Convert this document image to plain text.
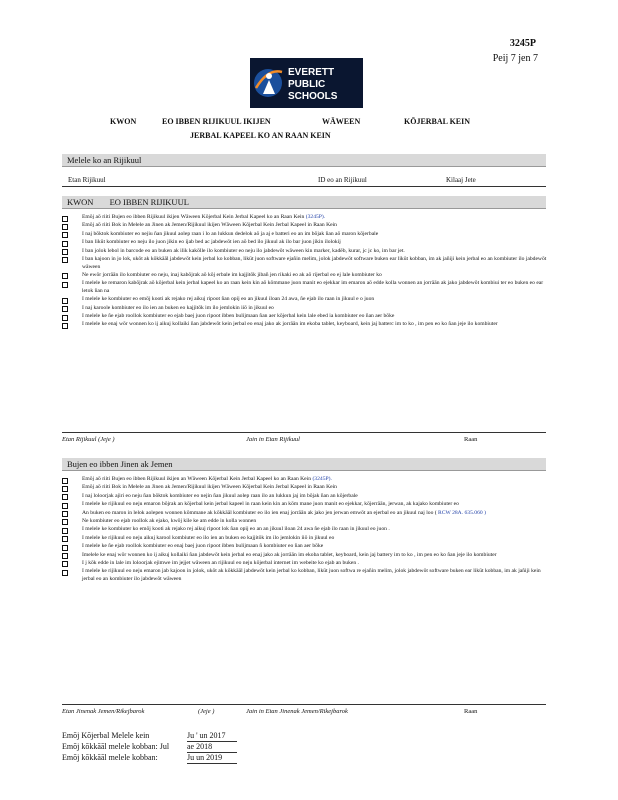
3245P
Peij 7 jen 7
EVERETT
PUBLIC
SCHOOLS
KWON	EO IBBEN RIJIKUUL IKIJEN	WĀWEEN	KŌJERBAL KEIN
JERBAL KAPEEL KO AN RAAN KEIN
Melele ko an Rijikuul
Etan Rijikuul	ID eo an Rijikuul	Kilaaj Jete
KWON EO IBBEN RIJIKUUL
Emōj aō riiti Bujen eo ibben Rijikuul ikijen Wāween Kōjerbal Kein Jerbal Kapeel ko an Raan Kein (3245P).
Emōj aō riiti Bok in Melele an Jinen ak Jemen/Rijikuul ikijen Wāween Kōjerbal Kein Jerbal Kapeel in Raan Kein
I naj bōktok kombiuter eo nejiu ñan jikuul aolep raan i lo an lukkun dedelok aō ja aj e batteri eo an im bōjak ñan aō maron kōjerbale
I ban likūt kombiuter eo neju ilo juon jikin eo ijab bed ac jabdewōt ien aō bed ilo jikuul ak ilo bar juon jikin ilolokij
I ban jolok lebol in barcode eo an buken ak ilik kakōlle ilo kombiuter eo neju ilo jabdewōt wāween kin marker, kadēb, kurar, jc jc ko, im bar jet.
I ban kajoon in jo lok, ukōt ak kōkkāāl jabdewōt kein jerbal ko kobban, likūt juon software ejañin melim, jolok jabdewōt software buken ear likūt kobban, im ak jañiji kein jerbal eo an kombiuter ilo jabdewōt wāween
Ne ewōr jorrāān ilo kombiuter eo neju, inaj kabōjrak aō kōj erbale im kajjitōk jibañ jen rikaki eo ak aō rijerbal eo ej lale kombiuter ko
I melele ke remaron kabōjrak aō kōjerbal kein jerbal kapeel ko an raan kein kin aō kōmmane juon manit eo ejekkar im emaron aō edde kolla wonnen an jorrāān ak jako jabdewōt kombiui ter eo buken eo ear letok ñan na
I melele ke kombiuter eo emōj kooti ak rejako rej aikuj ripoot ñan opij eo an jikuul iloan 24 awa, ñe ejab ilo raan in jikuul e o juon
I naj karoole kombiuter eo ilo ien an buken eo kajjitōk im ilo jemlokin iiō in jikuul eo
I melele ke ñe ejab roollok kombiuter eo ejab baej juon ripoot ibben bulijmaan ñan aer kōjerbal kein lale ebed ia kombiuter eo ñan aer bōke
I melele ke enaj wōr wonnen ko ij aikuj kollaiki ñan jabdewōt kein jerbal eo enaj jako ak jorrāān im ekoba tablet, keyboard, kein jaj batterc im to ko , im pen eo ko ñan jeje ilo kombiuter
Etan Rijikuul (Jeje )	Jain in Etan Rijikuul	Raan
Bujen eo ibben Jinen ak Jemen
Emōj aō riiti Bujen eo ibben Rijikuul ikijen an Wāween Kōjerbal Kein Jerbal Kapeel ko an Raan Kein (3245P).
Emōj aō riiti Bok in Melele an Jinen ak Jemen/Rijikuul ikijen Wāween Kōjerbal Kein Jerbal Kapeel in Raan Kein
I naj loloorjak ajiri eo neju ñan bōktok kombiuter eo nejin ñan jikuul aolep raan ilo an lukkun jaj im bōjak ñan an kōjerbale
I melele ke rijikuul eo neju emaron bōjrak an kōjerbal kein jerbal kapeel in raan kein kin an kōm mane juon manit eo ejekkar, kōjerrāān, jerwan, ak kajako kombiuter eo
An buken eo maron in lelok aolepen wonnen kōmmane ak kōkkāāl kombiuter eo ilo ien enaj jorrāān ak jako jen jerwan emwōt an ejerbal eo an jikuul naj loo ( RCW 28A. 635.060 )
Ne kombiuter eo ejab roollok ak ejako, kwōj kile ke am edde in kolla wonnen
I melele ke kombiuter ko emōj kooti ak rejako rej aikuj ripoot lok ñan opij eo an an jikuul iloan 24 awa ñe ejab ilo raan in jikuul eo juon .
I melele ke rijikuul eo neju aikuj karool kombiuter eo ilo ien an buken eo kajjitōk im ilo jemlokin iiō in jikuul eo
I melele ke ñe ejab roollok kombiuter eo enaj baej juon ripoot ibben bulijmaan ñ kombiuter eo ñan aer bōke
Imelele ke enaj wōr wonnen ko ij aikuj kollaiki ñan jabdewōt kein jerbal eo enaj jako ak jorrāān im ekoba tablet, keyboard, kein jaj battery im to ko , im pen eo ko ñan jeje ilo kombiuter
I j kōk edde in lale im loloorjak ejimwe im jejjet wāween an rijikuul eo neju kōjerbal internet im webeite ko ejab an buken .
I melele ke rijikuul eo neju emaron jab kajoon in jolok, ukōt ak kōkkāāl jabdewōt kein jerbal ko kobban, likūt juon softwa re ejañin melim, jolok jabdewōt software buken ear likūt kobban, im ak jañiji kein jerbal eo an kombiuter ilo jabdewōt wāween
Etan Jinenak Jemen/Rikejbarok	(Jeje )	Jain in Etan Jinenak Jemen/Rikejbarok	Raan
Emōj Kōjerbal Melele kein	Ju ' un 2017
Emōj kōkkāāl melele kobban: Jul ae 2018
Emōj kōkkāāl melele kobban:	Ju un 2019
